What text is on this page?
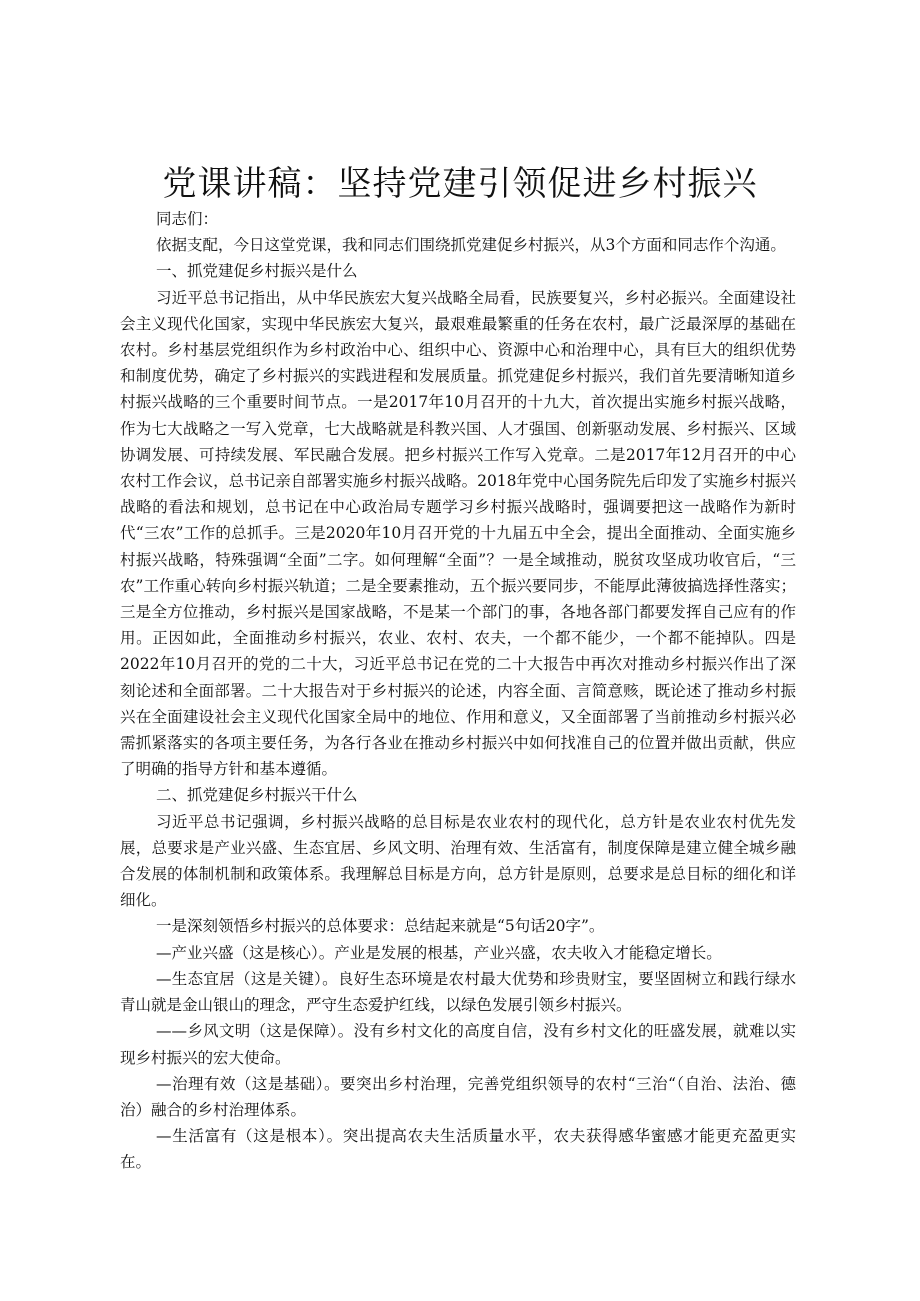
党课讲稿：坚持党建引领促进乡村振兴

同志们：

依据支配，今日这堂党课，我和同志们围绕抓党建促乡村振兴，从3个方面和同志作个沟通。

一、抓党建促乡村振兴是什么

习近平总书记指出，从中华民族宏大复兴战略全局看，民族要复兴，乡村必振兴。全面建设社会主义现代化国家，实现中华民族宏大复兴，最艰难最繁重的任务在农村，最广泛最深厚的基础在农村。乡村基层党组织作为乡村政治中心、组织中心、资源中心和治理中心，具有巨大的组织优势和制度优势，确定了乡村振兴的实践进程和发展质量。抓党建促乡村振兴，我们首先要清晰知道乡村振兴战略的三个重要时间节点。一是2017年10月召开的十九大，首次提出实施乡村振兴战略，作为七大战略之一写入党章，七大战略就是科教兴国、人才强国、创新驱动发展、乡村振兴、区域协调发展、可持续发展、军民融合发展。把乡村振兴工作写入党章。二是2017年12月召开的中心农村工作会议，总书记亲自部署实施乡村振兴战略。2018年党中心国务院先后印发了实施乡村振兴战略的看法和规划，总书记在中心政治局专题学习乡村振兴战略时，强调要把这一战略作为新时代“三农”工作的总抓手。三是2020年10月召开党的十九届五中全会，提出全面推动、全面实施乡村振兴战略，特殊强调“全面”二字。如何理解“全面”？一是全域推动，脱贫攻坚成功收官后，“三农”工作重心转向乡村振兴轨道；二是全要素推动，五个振兴要同步，不能厚此薄彼搞选择性落实；三是全方位推动，乡村振兴是国家战略，不是某一个部门的事，各地各部门都要发挥自己应有的作用。正因如此，全面推动乡村振兴，农业、农村、农夫，一个都不能少，一个都不能掉队。四是2022年10月召开的党的二十大，习近平总书记在党的二十大报告中再次对推动乡村振兴作出了深刻论述和全面部署。二十大报告对于乡村振兴的论述，内容全面、言简意赅，既论述了推动乡村振兴在全面建设社会主义现代化国家全局中的地位、作用和意义，又全面部署了当前推动乡村振兴必需抓紧落实的各项主要任务，为各行各业在推动乡村振兴中如何找准自己的位置并做出贡献，供应了明确的指导方针和基本遵循。

二、抓党建促乡村振兴干什么

习近平总书记强调，乡村振兴战略的总目标是农业农村的现代化，总方针是农业农村优先发展，总要求是产业兴盛、生态宜居、乡风文明、治理有效、生活富有，制度保障是建立健全城乡融合发展的体制机制和政策体系。我理解总目标是方向，总方针是原则，总要求是总目标的细化和详细化。

一是深刻领悟乡村振兴的总体要求：总结起来就是“5句话20字”。

—产业兴盛（这是核心）。产业是发展的根基，产业兴盛，农夫收入才能稳定增长。

—生态宜居（这是关键）。良好生态环境是农村最大优势和珍贵财宝，要坚固树立和践行绿水青山就是金山银山的理念，严守生态爱护红线，以绿色发展引领乡村振兴。

——乡风文明（这是保障）。没有乡村文化的高度自信，没有乡村文化的旺盛发展，就难以实现乡村振兴的宏大使命。

—治理有效（这是基础）。要突出乡村治理，完善党组织领导的农村“三治“（自治、法治、德治）融合的乡村治理体系。

—生活富有（这是根本）。突出提高农夫生活质量水平，农夫获得感华蜜感才能更充盈更实在。
